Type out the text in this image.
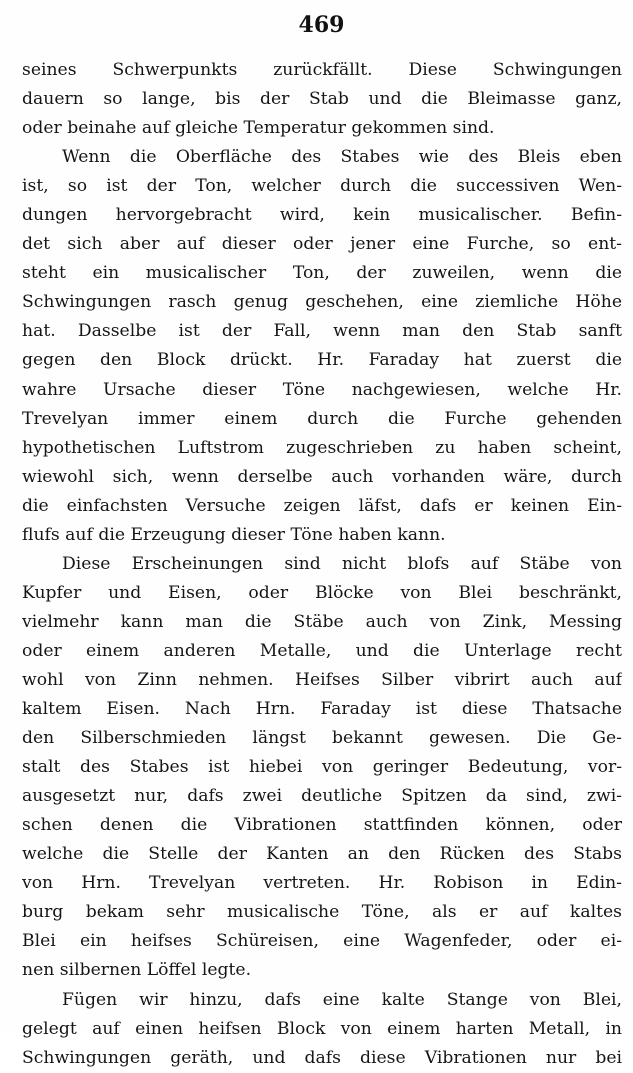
469
seines Schwerpunkts zurückfällt. Diese Schwingungen
dauern so lange, bis der Stab und die Bleimasse ganz,
oder beinahe auf gleiche Temperatur gekommen sind.
Wenn die Oberfläche des Stabes wie des Bleis eben
ist, so ist der Ton, welcher durch die successiven Wen-
dungen hervorgebracht wird, kein musicalischer. Befin-
det sich aber auf dieser oder jener eine Furche, so ent-
steht ein musicalischer Ton, der zuweilen, wenn die
Schwingungen rasch genug geschehen, eine ziemliche Höhe
hat. Dasselbe ist der Fall, wenn man den Stab sanft
gegen den Block drückt. Hr. Faraday hat zuerst die
wahre Ursache dieser Töne nachgewiesen, welche Hr.
Trevelyan immer einem durch die Furche gehenden
hypothetischen Luftstrom zugeschrieben zu haben scheint,
wiewohl sich, wenn derselbe auch vorhanden wäre, durch
die einfachsten Versuche zeigen läfst, dafs er keinen Ein-
flufs auf die Erzeugung dieser Töne haben kann.
Diese Erscheinungen sind nicht blofs auf Stäbe von
Kupfer und Eisen, oder Blöcke von Blei beschränkt,
vielmehr kann man die Stäbe auch von Zink, Messing
oder einem anderen Metalle, und die Unterlage recht
wohl von Zinn nehmen. Heifses Silber vibrirt auch auf
kaltem Eisen. Nach Hrn. Faraday ist diese Thatsache
den Silberschmieden längst bekannt gewesen. Die Ge-
stalt des Stabes ist hiebei von geringer Bedeutung, vor-
ausgesetzt nur, dafs zwei deutliche Spitzen da sind, zwi-
schen denen die Vibrationen stattfinden können, oder
welche die Stelle der Kanten an den Rücken des Stabs
von Hrn. Trevelyan vertreten. Hr. Robison in Edin-
burg bekam sehr musicalische Töne, als er auf kaltes
Blei ein heifses Schüreisen, eine Wagenfeder, oder ei-
nen silbernen Löffel legte.
Fügen wir hinzu, dafs eine kalte Stange von Blei,
gelegt auf einen heifsen Block von einem harten Metall, in
Schwingungen geräth, und dafs diese Vibrationen nur bei
